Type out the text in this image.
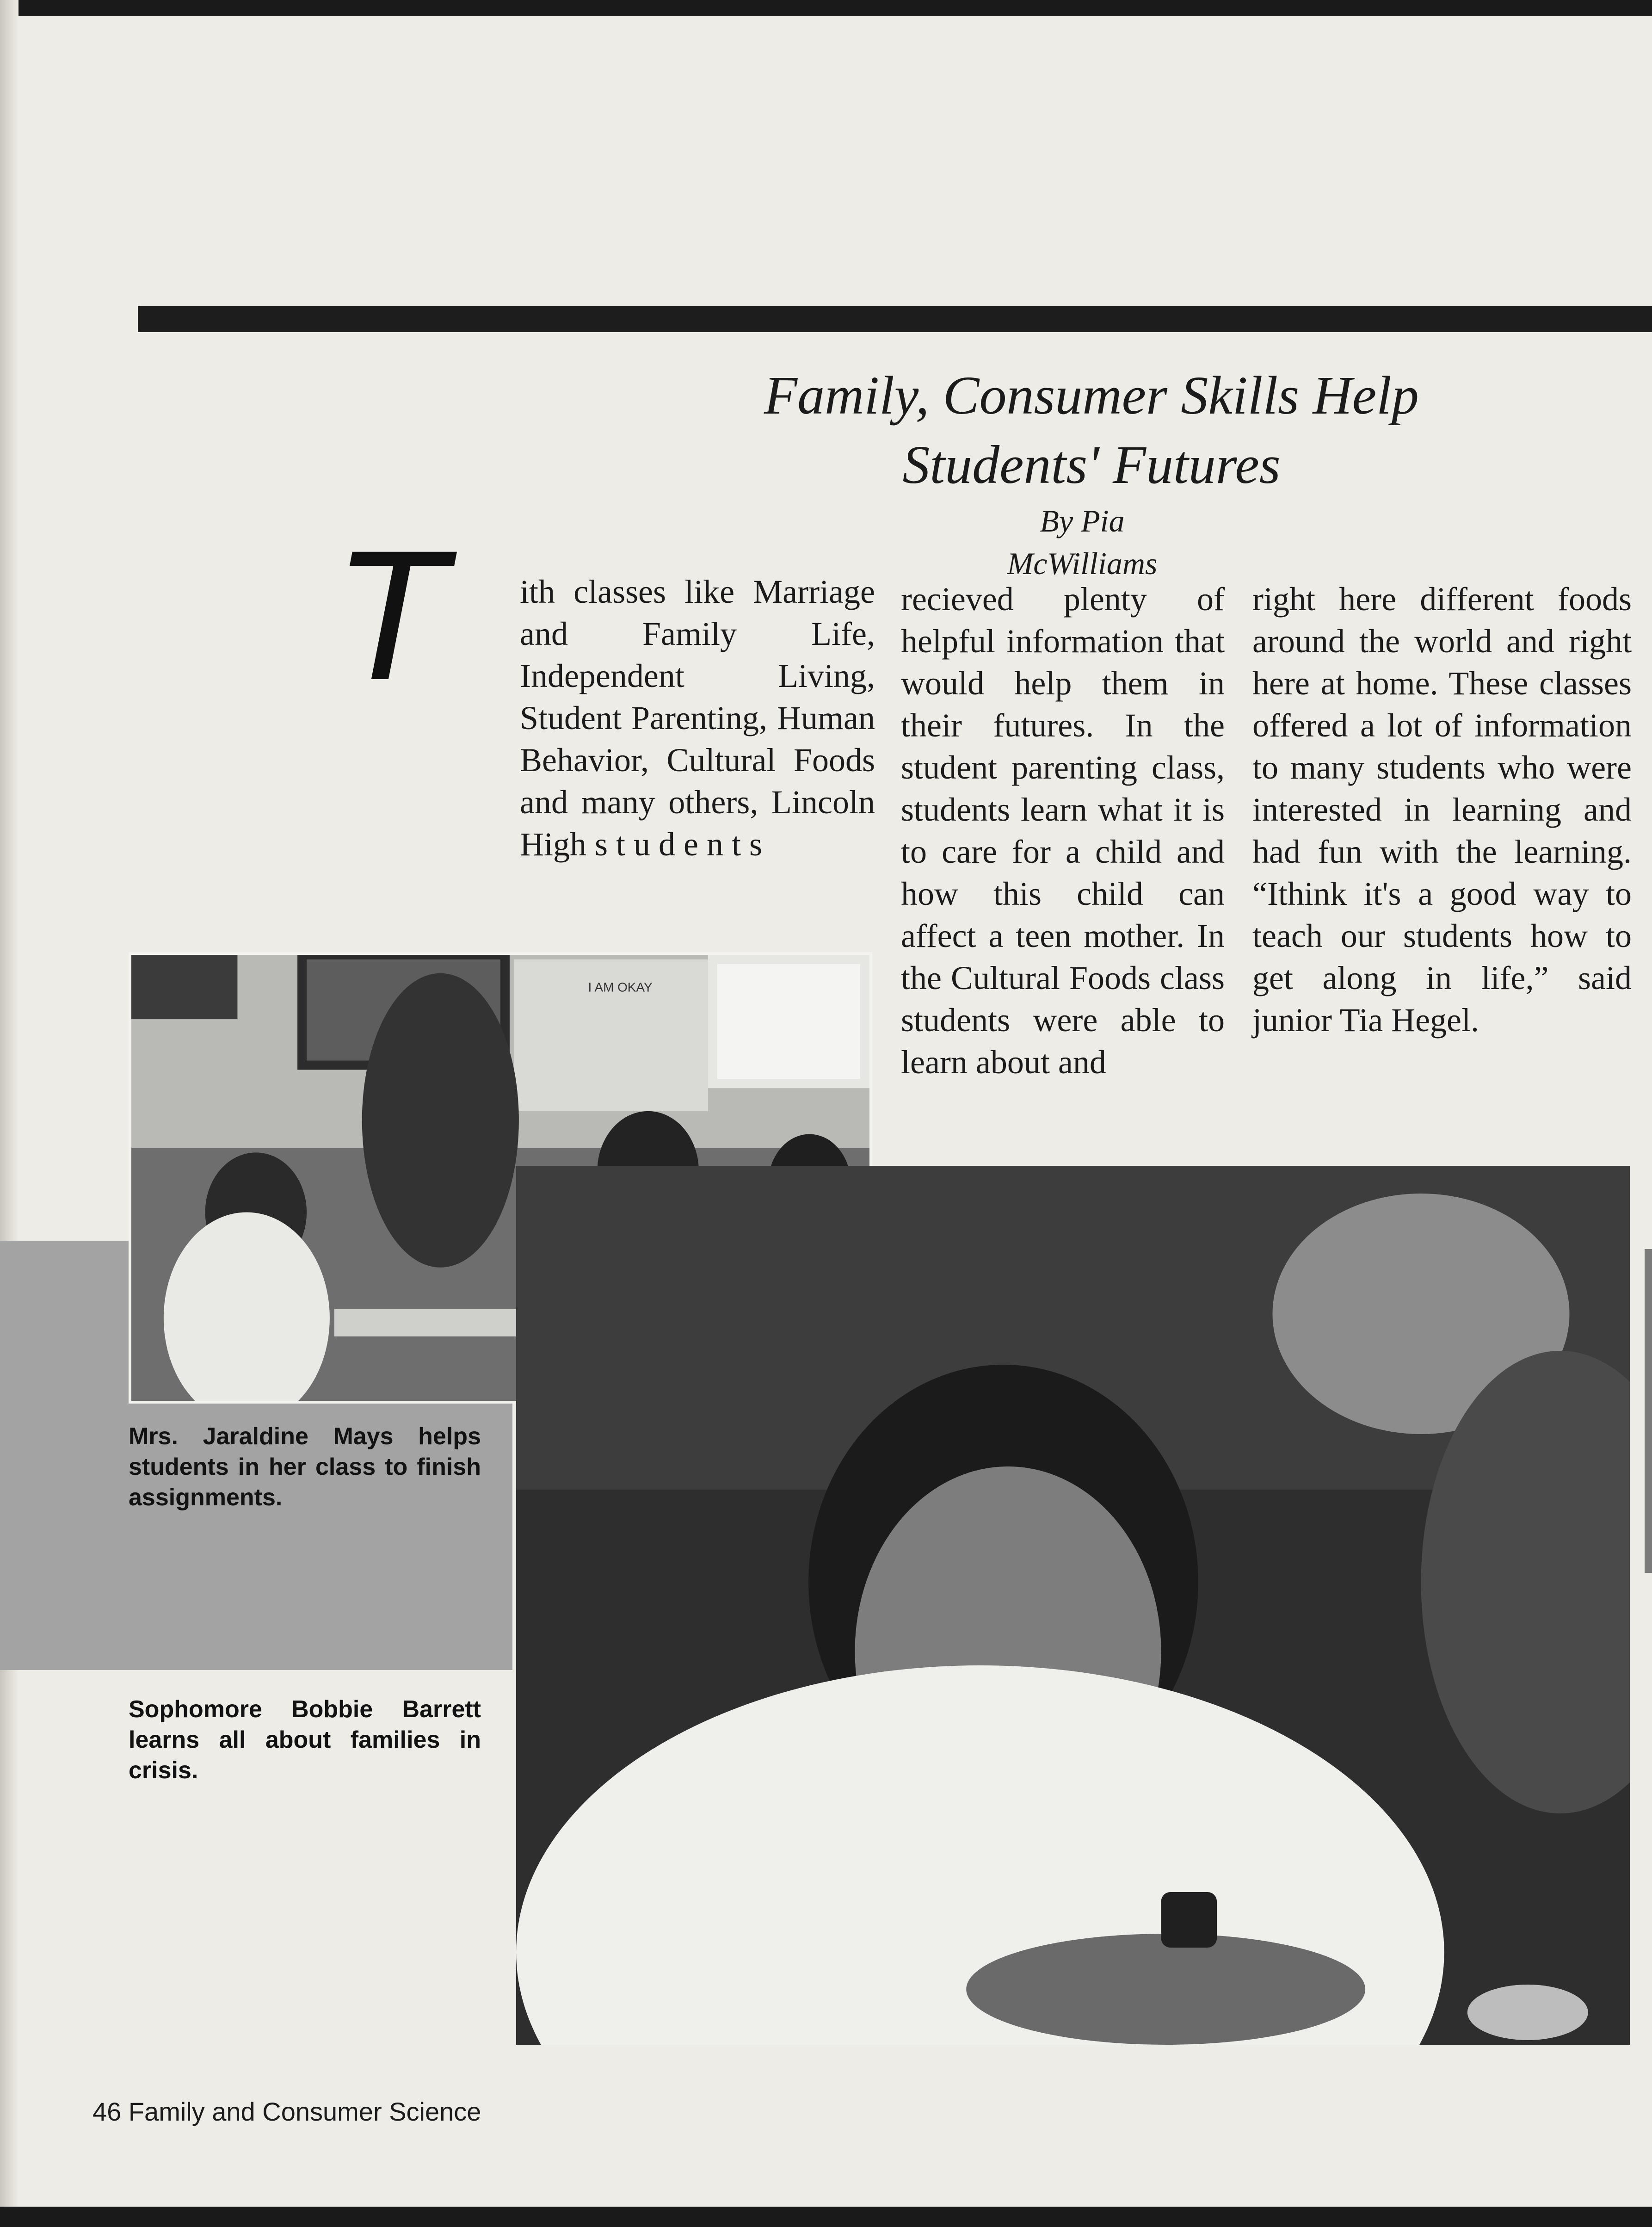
Family, Consumer Skills Help
Students' Futures
By Pia
McWilliams
T ith classes like Marriage and Family Life, Independent Living, Student Parenting, Human Behavior, Cultural Foods and many others, Lincoln High s t u d e n t s
recieved plenty of helpful information that would help them in their futures. In the student parenting class, students learn what it is to care for a child and how this child can affect a teen mother. In the Cultural Foods class students were able to learn about and
right here different foods around the world and right here at home. These classes offered a lot of information to many students who were interested in learning and had fun with the learning. “Ithink it's a good way to teach our students how to get along in life,” said junior Tia Hegel.
I AM OKAY
Mrs. Jaraldine Mays helps students in her class to finish assignments.
Sophomore Bobbie Barrett learns all about families in crisis.
46 Family and Consumer Science
